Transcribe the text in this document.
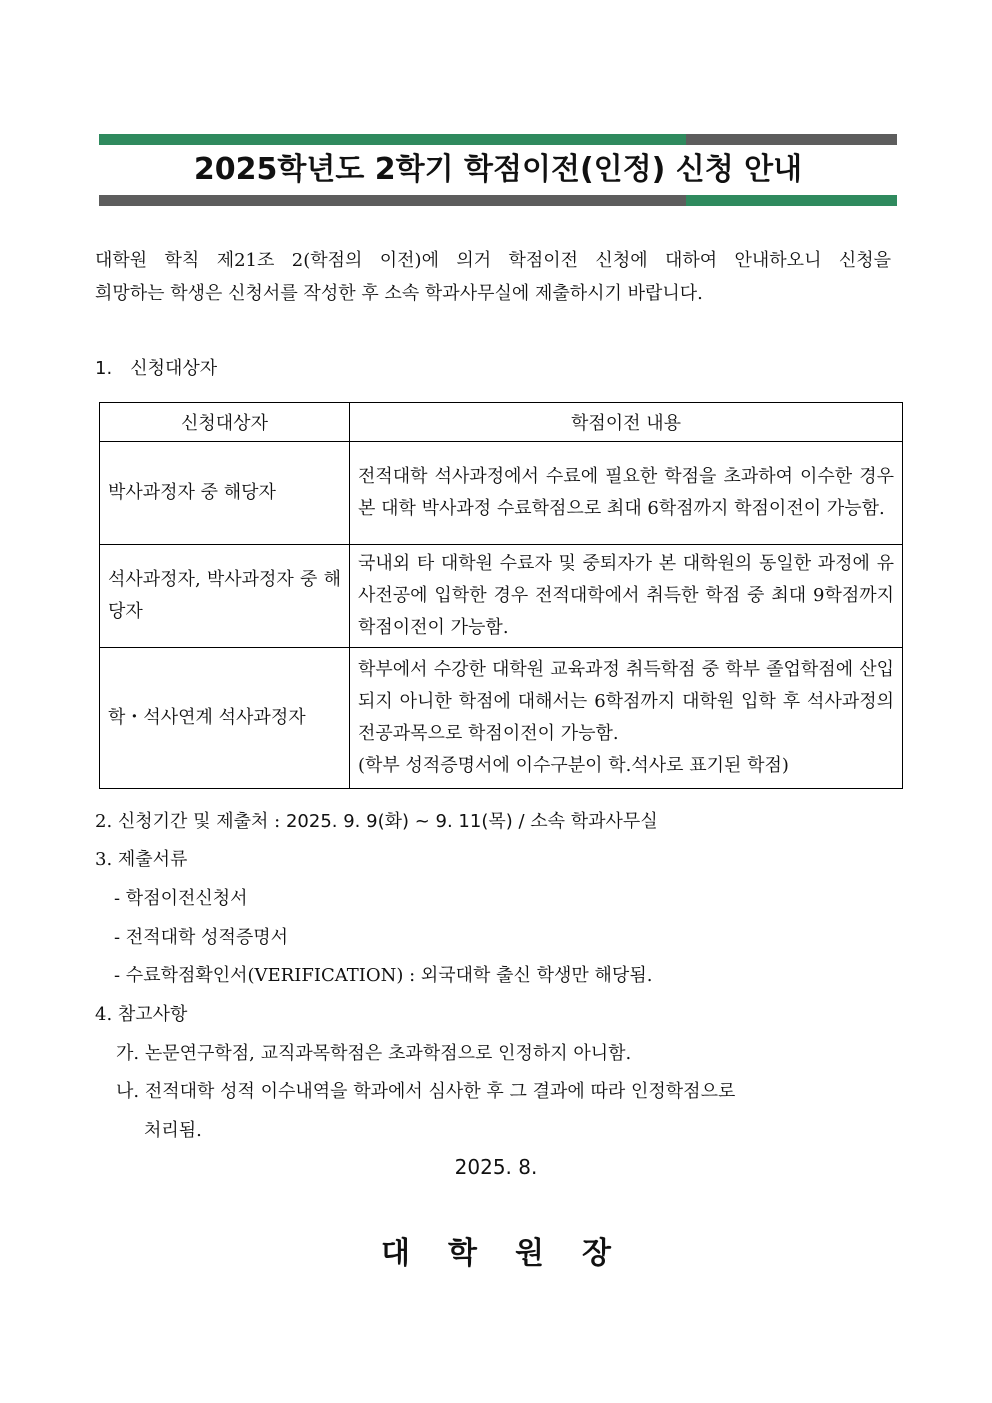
2025학년도 2학기 학점이전(인정) 신청 안내
대학원 학칙 제21조 2(학점의 이전)에 의거 학점이전 신청에 대하여 안내하오니 신청을
희망하는 학생은 신청서를 작성한 후 소속 학과사무실에 제출하시기 바랍니다.
1. 신청대상자
신청대상자	학점이전 내용
박사과정자 중 해당자	전적대학 석사과정에서 수료에 필요한 학점을 초과하여 이수한 경우 본 대학 박사과정 수료학점으로 최대 6학점까지 학점이전이 가능함.
석사과정자, 박사과정자 중 해당자	국내외 타 대학원 수료자 및 중퇴자가 본 대학원의 동일한 과정에 유사전공에 입학한 경우 전적대학에서 취득한 학점 중 최대 9학점까지 학점이전이 가능함.
학・석사연계 석사과정자	학부에서 수강한 대학원 교육과정 취득학점 중 학부 졸업학점에 산입되지 아니한 학점에 대해서는 6학점까지 대학원 입학 후 석사과정의 전공과목으로 학점이전이 가능함.
(학부 성적증명서에 이수구분이 학.석사로 표기된 학점)
2. 신청기간 및 제출처 : 2025. 9. 9(화) ~ 9. 11(목) / 소속 학과사무실
3. 제출서류
- 학점이전신청서
- 전적대학 성적증명서
- 수료학점확인서(VERIFICATION) : 외국대학 출신 학생만 해당됨.
4. 참고사항
가. 논문연구학점, 교직과목학점은 초과학점으로 인정하지 아니함.
나. 전적대학 성적 이수내역을 학과에서 심사한 후 그 결과에 따라 인정학점으로
처리됨.
2025. 8.
대학원장
